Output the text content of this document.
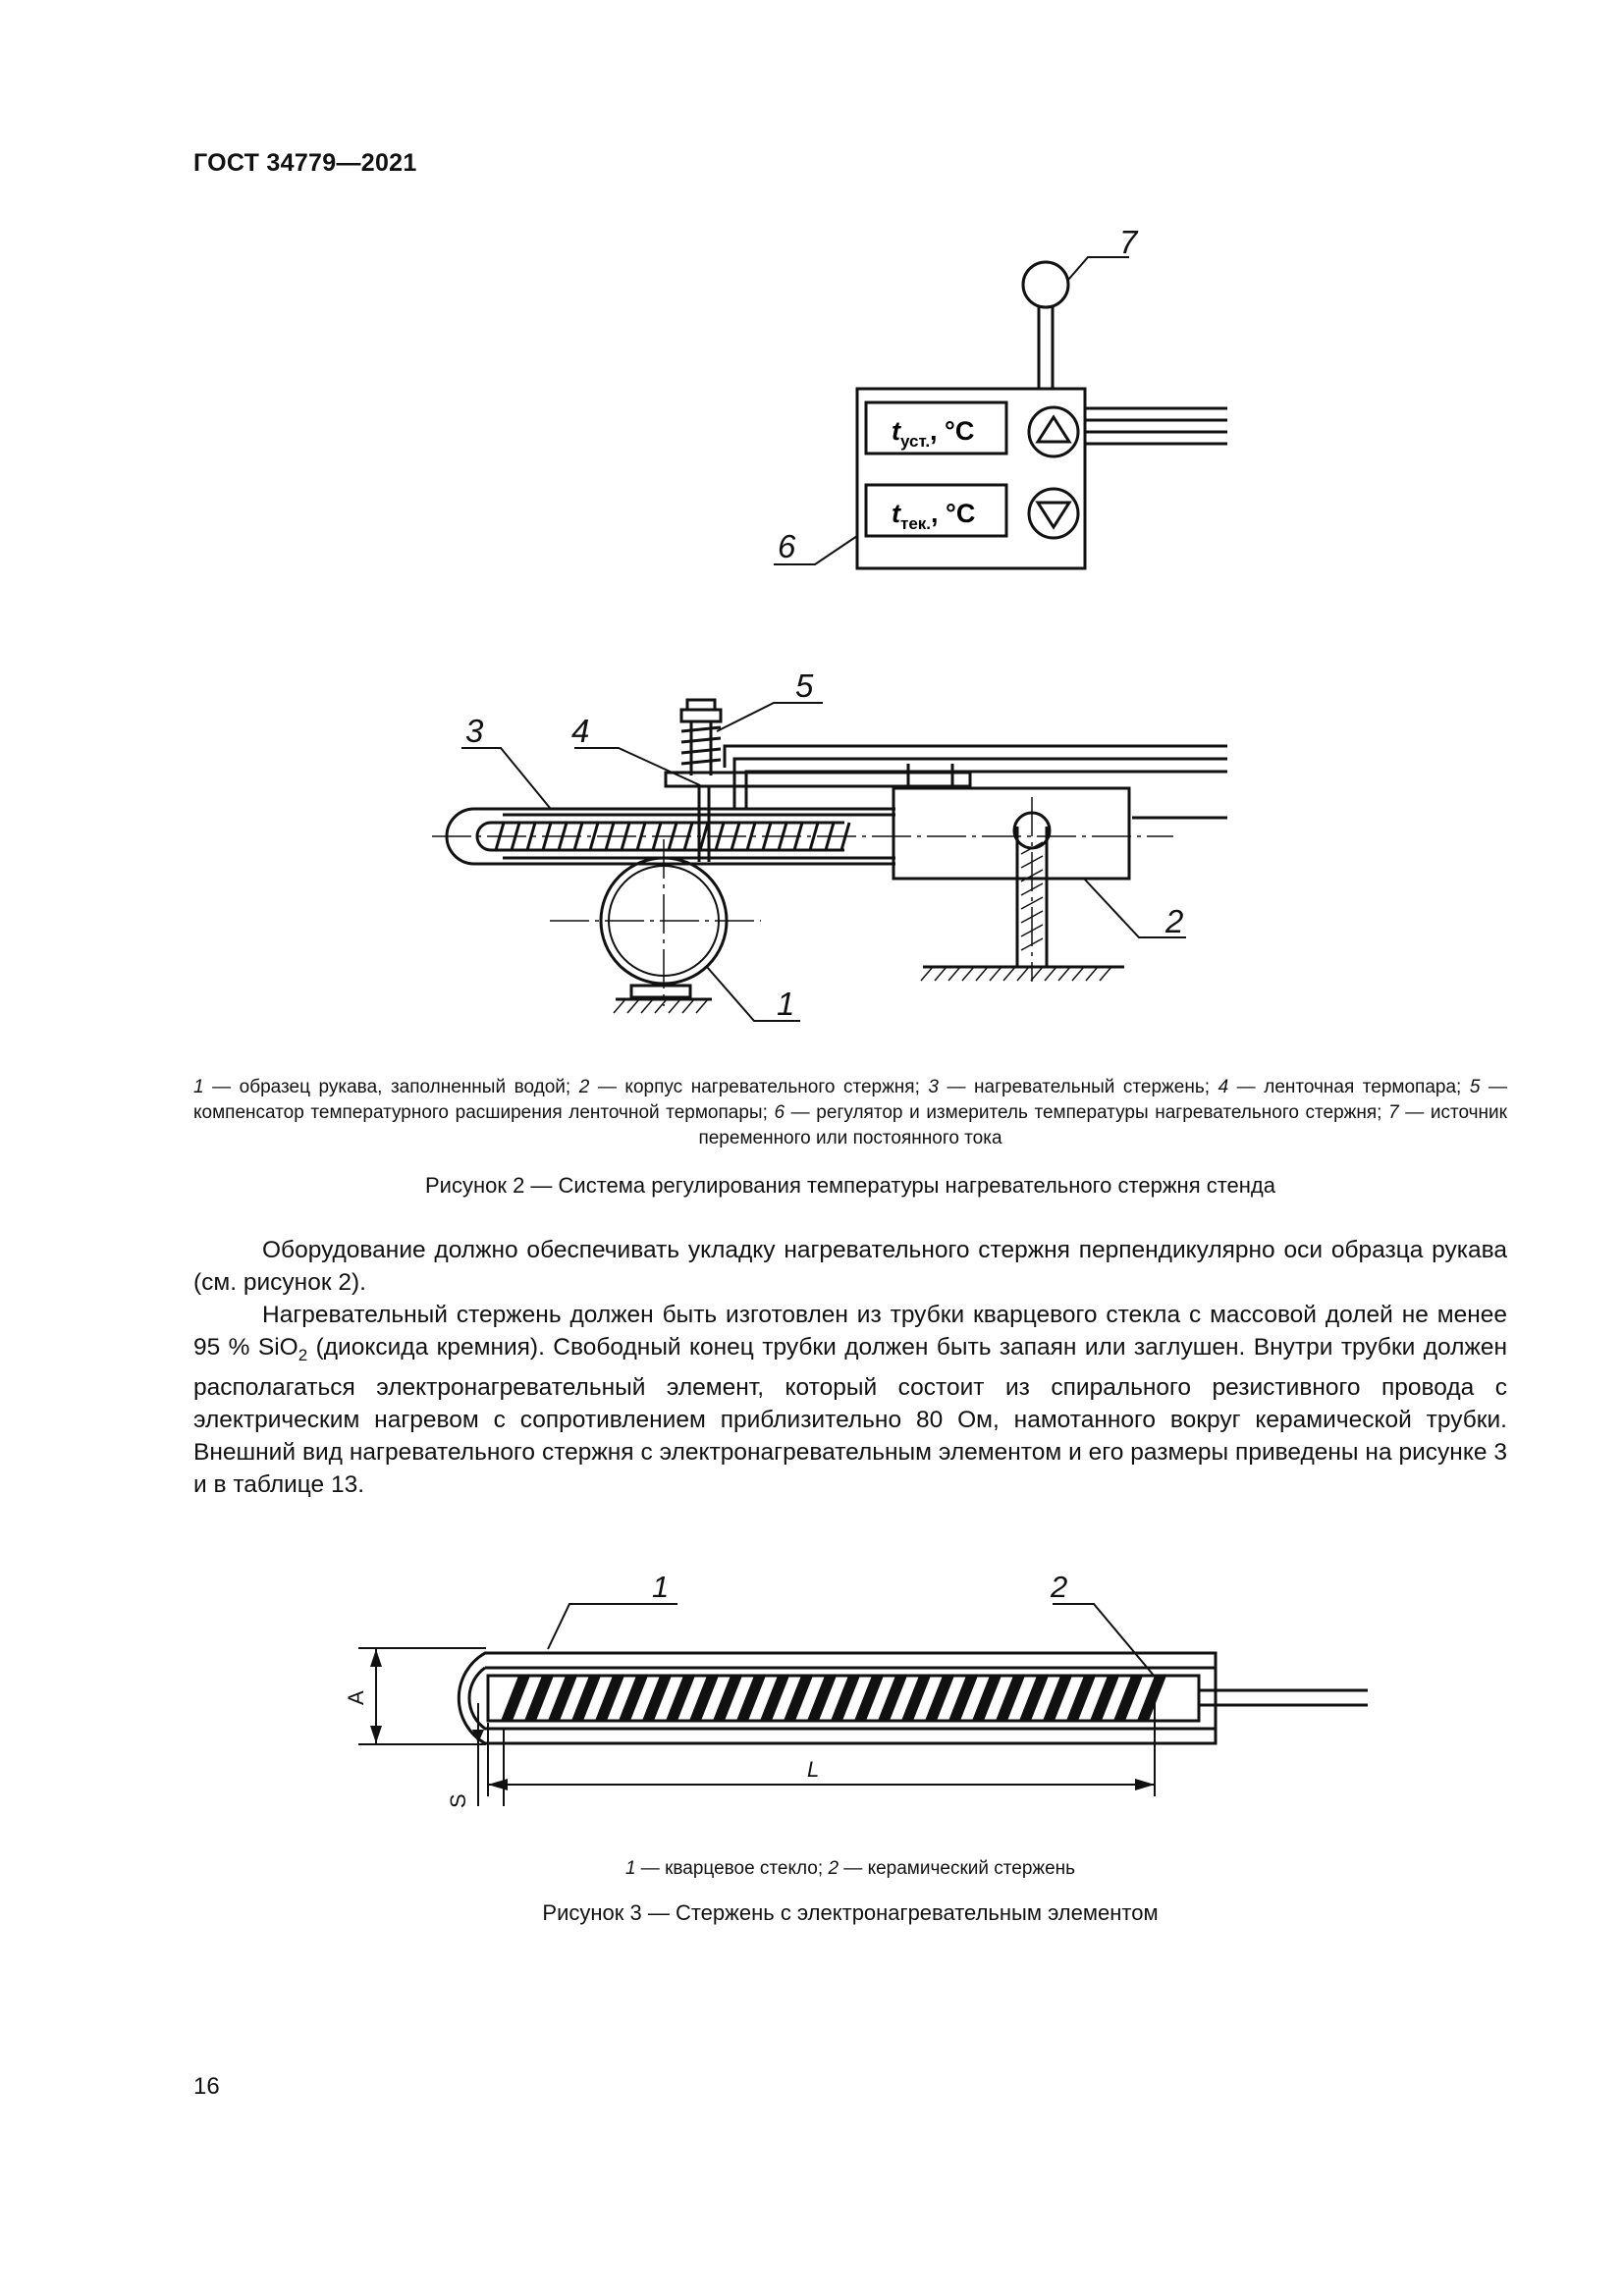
ГОСТ 34779—2021
$t_{уст.}$, °С
$t_{тек.}$, °С
7
6
5
4
3
2
1
1 — образец рукава, заполненный водой; 2 — корпус нагревательного стержня; 3 — нагревательный стержень; 4 — ленточная термопара; 5 — компенсатор температурного расширения ленточной термопары; 6 — регулятор и измеритель температуры нагревательного стержня; 7 — источник переменного или постоянного тока
Рисунок 2 — Система регулирования температуры нагревательного стержня стенда

Оборудование должно обеспечивать укладку нагревательного стержня перпендикулярно оси образца рукава (см. рисунок 2).

Нагревательный стержень должен быть изготовлен из трубки кварцевого стекла с массовой долей не менее 95 % SiO$_2$ (диоксида кремния). Свободный конец трубки должен быть запаян или заглушен. Внутри трубки должен располагаться электронагревательный элемент, который состоит из спирального резистивного провода с электрическим нагревом с сопротивлением приблизительно 80 Ом, намотанного вокруг керамической трубки. Внешний вид нагревательного стержня с электронагревательным элементом и его размеры приведены на рисунке 3 и в таблице 13.

A
S
L
1	2
1 — кварцевое стекло; 2 — керамический стержень
Рисунок 3 — Стержень с электронагревательным элементом
16
